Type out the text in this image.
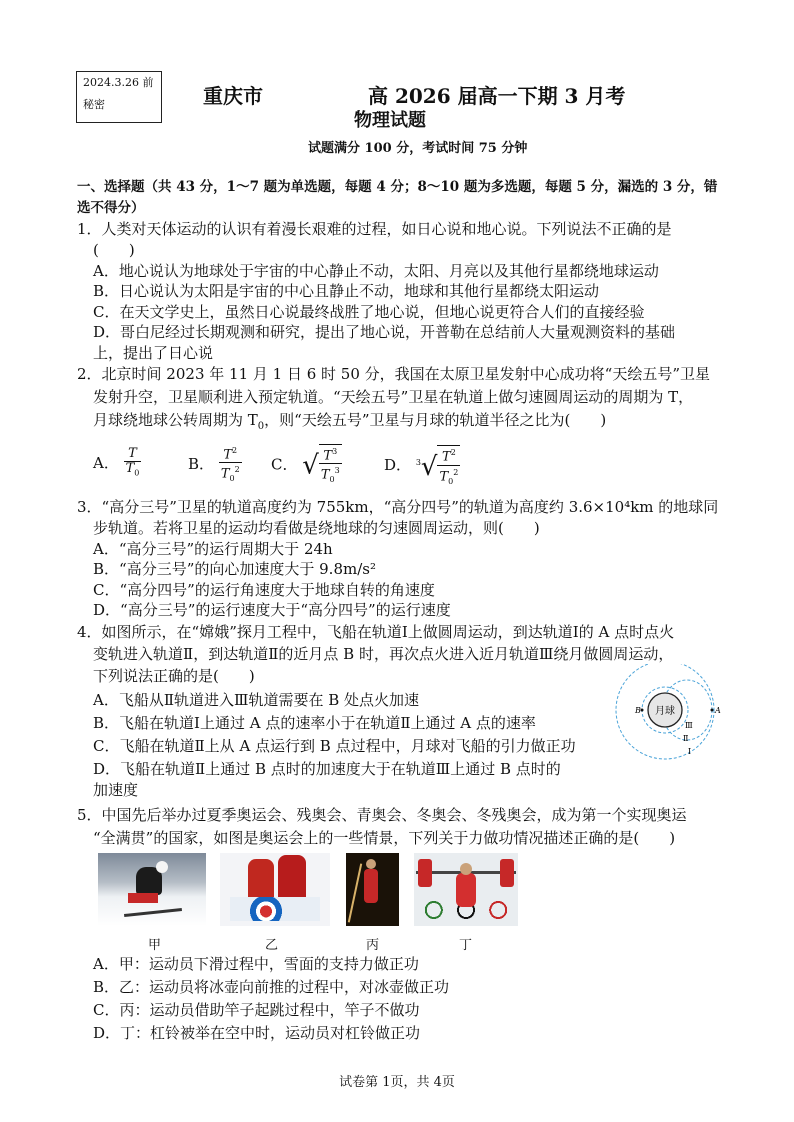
2024.3.26 前
秘密	重庆市	高 2026 届高一下期 3 月考
物理试题
试题满分 100 分，考试时间 75 分钟
一、选择题（共 43 分，1～7 题为单选题，每题 4 分；8～10 题为多选题，每题 5 分，漏选的 3 分，错
选不得分）
1．人类对天体运动的认识有着漫长艰难的过程，如日心说和地心说。下列说法不正确的是
(　　)
A．地心说认为地球处于宇宙的中心静止不动，太阳、月亮以及其他行星都绕地球运动
B．日心说认为太阳是宇宙的中心且静止不动，地球和其他行星都绕太阳运动
C．在天文学史上，虽然日心说最终战胜了地心说，但地心说更符合人们的直接经验
D．哥白尼经过长期观测和研究，提出了地心说，开普勒在总结前人大量观测资料的基础
上，提出了日心说
2．北京时间 2023 年 11 月 1 日 6 时 50 分，我国在太原卫星发射中心成功将“天绘五号”卫星
发射升空，卫星顺利进入预定轨道。“天绘五号”卫星在轨道上做匀速圆周运动的周期为 T，
月球绕地球公转周期为 $T_0$，则“天绘五号”卫星与月球的轨道半径之比为(　　)
A． $\frac{T}{T_0}$	B． $\frac{T^2}{T_0^2}$ C． √ $\frac{T^3}{T_0^3}$	D． $^3√ \frac{T^2}{T_0^2}$
3．“高分三号”卫星的轨道高度约为 755km，“高分四号”的轨道为高度约 3.6×10⁴km 的地球同
步轨道。若将卫星的运动均看做是绕地球的匀速圆周运动，则(　　)
A．“高分三号”的运行周期大于 24h
B．“高分三号”的向心加速度大于 9.8m/s²
C．“高分四号”的运行角速度大于地球自转的角速度
D．“高分三号”的运行速度大于“高分四号”的运行速度
4．如图所示，在“嫦娥”探月工程中，飞船在轨道Ⅰ上做圆周运动，到达轨道Ⅰ的 A 点时点火
变轨进入轨道Ⅱ，到达轨道Ⅱ的近月点 B 时，再次点火进入近月轨道Ⅲ绕月做圆周运动，
下列说法正确的是(　　)
A．飞船从Ⅱ轨道进入Ⅲ轨道需要在 B 处点火加速
B．飞船在轨道Ⅰ上通过 A 点的速率小于在轨道Ⅱ上通过 A 点的速率
C．飞船在轨道Ⅱ上从 A 点运行到 B 点过程中，月球对飞船的引力做正功
D．飞船在轨道Ⅱ上通过 B 点时的加速度大于在轨道Ⅲ上通过 B 点时的
加速度
月球
B	A
Ⅲ
Ⅱ
Ⅰ
5．中国先后举办过夏季奥运会、残奥会、青奥会、冬奥会、冬残奥会，成为第一个实现奥运
“全满贯”的国家，如图是奥运会上的一些情景，下列关于力做功情况描述正确的是(　　)
甲	乙	丙	丁
A．甲：运动员下滑过程中，雪面的支持力做正功
B．乙：运动员将冰壶向前推的过程中，对冰壶做正功
C．丙：运动员借助竿子起跳过程中，竿子不做功
D．丁：杠铃被举在空中时，运动员对杠铃做正功
试卷第 1页，共 4页
